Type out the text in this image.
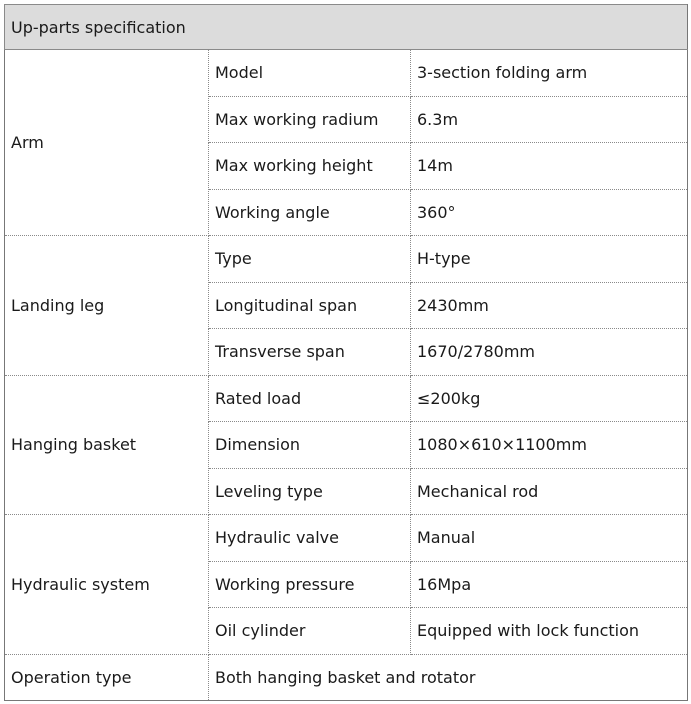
Up-parts specification		
Arm	Model	3-section folding arm
	Max working radium	6.3m
	Max working height	14m
	Working angle	360°
Landing leg	Type	H-type
	Longitudinal span	2430mm
	Transverse span	1670/2780mm
Hanging basket	Rated load	≤200kg
	Dimension	1080×610×1100mm
	Leveling type	Mechanical rod
Hydraulic system	Hydraulic valve	Manual
	Working pressure	16Mpa
	Oil cylinder	Equipped with lock function
Operation type	Both hanging basket and rotator	
